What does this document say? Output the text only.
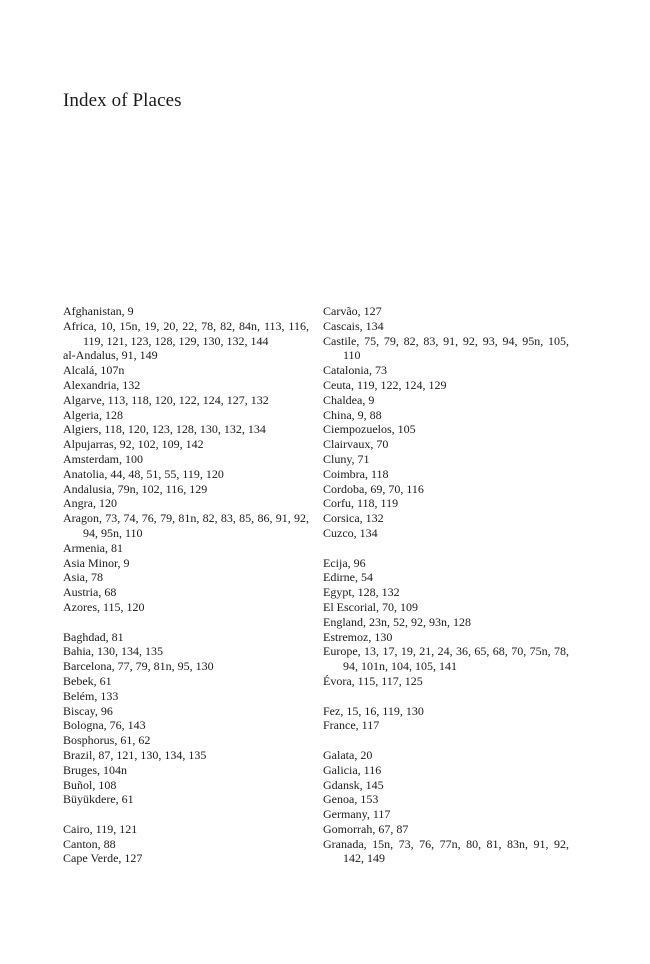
Index of Places
Afghanistan, 9
Africa, 10, 15n, 19, 20, 22, 78, 82, 84n, 113, 116, 119, 121, 123, 128, 129, 130, 132, 144
al-Andalus, 91, 149
Alcalá, 107n
Alexandria, 132
Algarve, 113, 118, 120, 122, 124, 127, 132
Algeria, 128
Algiers, 118, 120, 123, 128, 130, 132, 134
Alpujarras, 92, 102, 109, 142
Amsterdam, 100
Anatolia, 44, 48, 51, 55, 119, 120
Andalusia, 79n, 102, 116, 129
Angra, 120
Aragon, 73, 74, 76, 79, 81n, 82, 83, 85, 86, 91, 92, 94, 95n, 110
Armenia, 81
Asia Minor, 9
Asia, 78
Austria, 68
Azores, 115, 120
Baghdad, 81
Bahia, 130, 134, 135
Barcelona, 77, 79, 81n, 95, 130
Bebek, 61
Belém, 133
Biscay, 96
Bologna, 76, 143
Bosphorus, 61, 62
Brazil, 87, 121, 130, 134, 135
Bruges, 104n
Buñol, 108
Büyükdere, 61
Cairo, 119, 121
Canton, 88
Cape Verde, 127
Carvão, 127
Cascais, 134
Castile, 75, 79, 82, 83, 91, 92, 93, 94, 95n, 105, 110
Catalonia, 73
Ceuta, 119, 122, 124, 129
Chaldea, 9
China, 9, 88
Ciempozuelos, 105
Clairvaux, 70
Cluny, 71
Coimbra, 118
Cordoba, 69, 70, 116
Corfu, 118, 119
Corsica, 132
Cuzco, 134
Ecija, 96
Edirne, 54
Egypt, 128, 132
El Escorial, 70, 109
England, 23n, 52, 92, 93n, 128
Estremoz, 130
Europe, 13, 17, 19, 21, 24, 36, 65, 68, 70, 75n, 78, 94, 101n, 104, 105, 141
Évora, 115, 117, 125
Fez, 15, 16, 119, 130
France, 117
Galata, 20
Galicia, 116
Gdansk, 145
Genoa, 153
Germany, 117
Gomorrah, 67, 87
Granada, 15n, 73, 76, 77n, 80, 81, 83n, 91, 92, 142, 149
